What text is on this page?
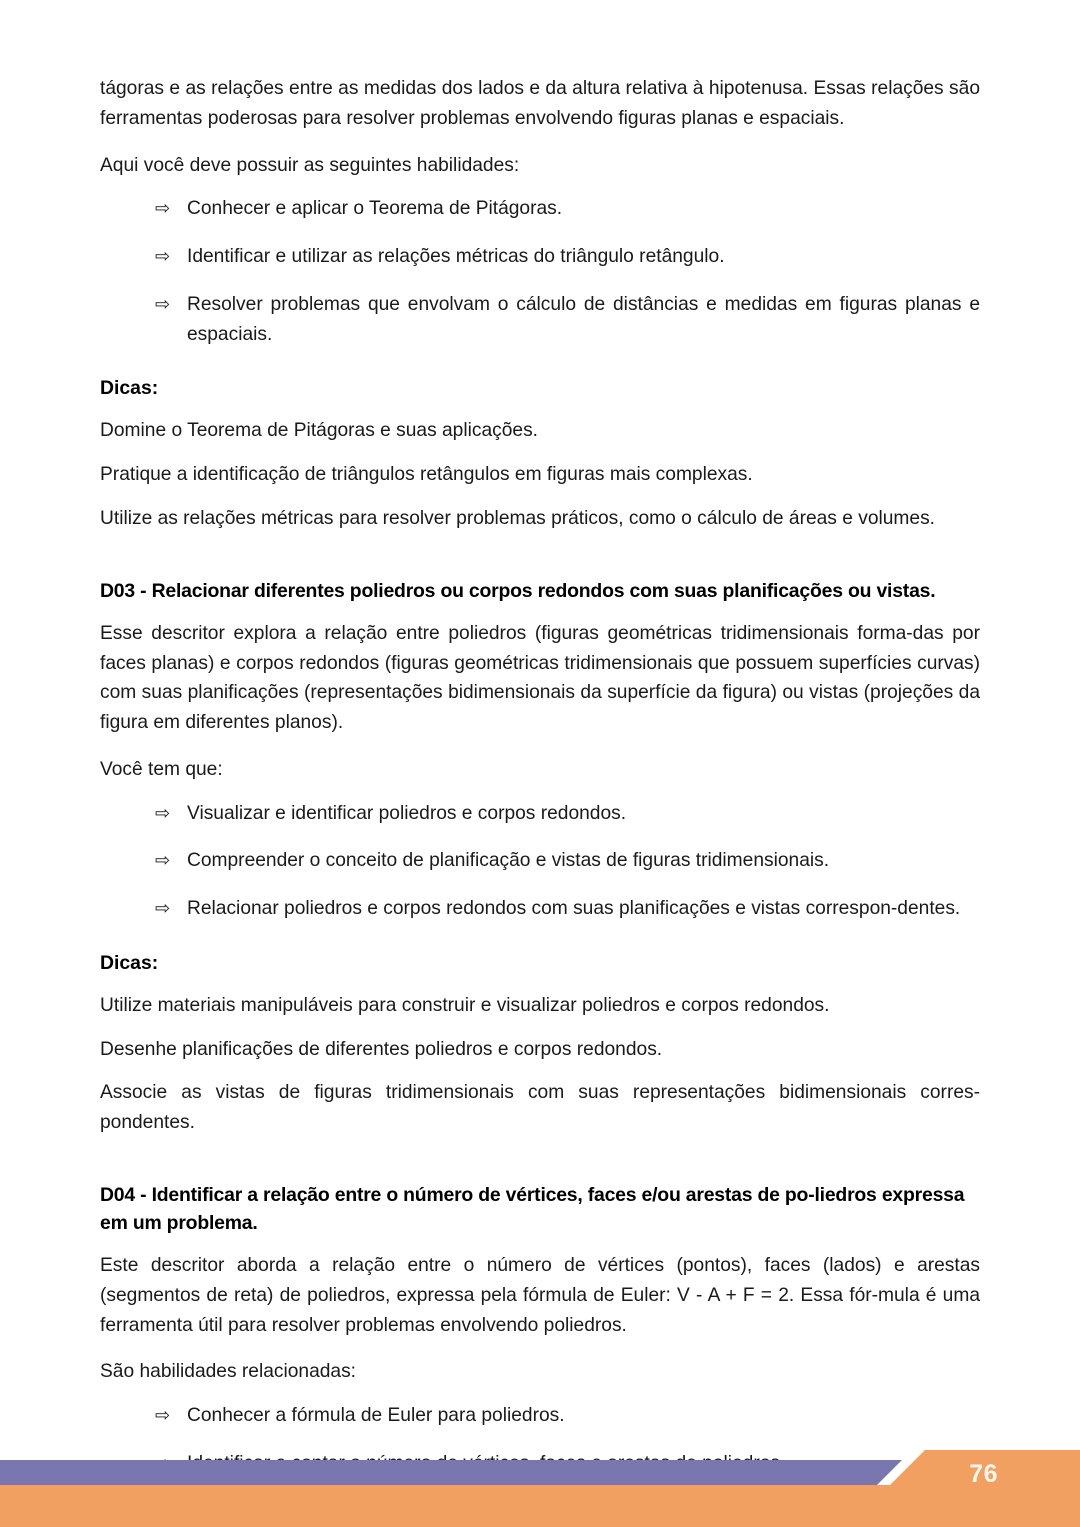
tágoras e as relações entre as medidas dos lados e da altura relativa à hipotenusa. Essas relações são ferramentas poderosas para resolver problemas envolvendo figuras planas e espaciais.

Aqui você deve possuir as seguintes habilidades:

⇨ Conhecer e aplicar o Teorema de Pitágoras.
⇨ Identificar e utilizar as relações métricas do triângulo retângulo.
⇨ Resolver problemas que envolvam o cálculo de distâncias e medidas em figuras planas e espaciais.
Dicas:

Domine o Teorema de Pitágoras e suas aplicações.

Pratique a identificação de triângulos retângulos em figuras mais complexas.

Utilize as relações métricas para resolver problemas práticos, como o cálculo de áreas e volumes.

D03 - Relacionar diferentes poliedros ou corpos redondos com suas planificações ou vistas.

Esse descritor explora a relação entre poliedros (figuras geométricas tridimensionais forma-das por faces planas) e corpos redondos (figuras geométricas tridimensionais que possuem superfícies curvas) com suas planificações (representações bidimensionais da superfície da figura) ou vistas (projeções da figura em diferentes planos).

Você tem que:

⇨ Visualizar e identificar poliedros e corpos redondos.
⇨ Compreender o conceito de planificação e vistas de figuras tridimensionais.
⇨ Relacionar poliedros e corpos redondos com suas planificações e vistas correspon-dentes.
Dicas:

Utilize materiais manipuláveis para construir e visualizar poliedros e corpos redondos.

Desenhe planificações de diferentes poliedros e corpos redondos.

Associe as vistas de figuras tridimensionais com suas representações bidimensionais corres-pondentes.

D04 - Identificar a relação entre o número de vértices, faces e/ou arestas de po-liedros expressa em um problema.

Este descritor aborda a relação entre o número de vértices (pontos), faces (lados) e arestas (segmentos de reta) de poliedros, expressa pela fórmula de Euler: V - A + F = 2. Essa fór-mula é uma ferramenta útil para resolver problemas envolvendo poliedros.

São habilidades relacionadas:

⇨ Conhecer a fórmula de Euler para poliedros.
76
